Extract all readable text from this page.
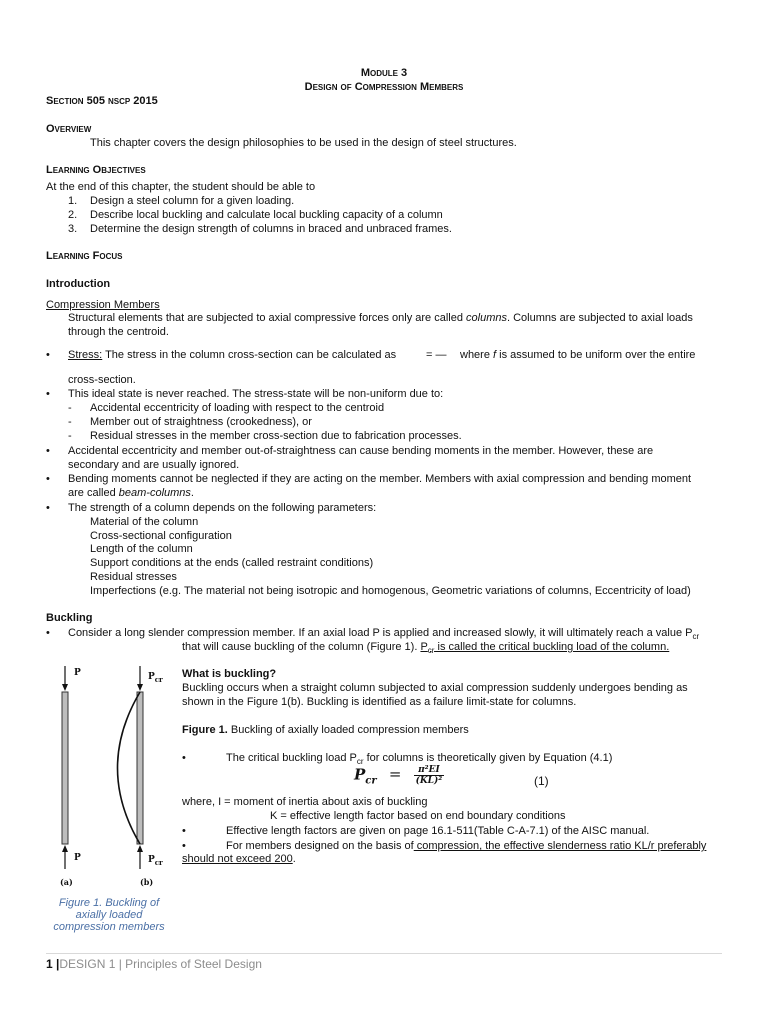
Module 3
Design of Compression Members
Section 505 nscp 2015
Overview
This chapter covers the design philosophies to be used in the design of steel structures.
Learning Objectives
At the end of this chapter, the student should be able to
1. Design a steel column for a given loading.
2. Describe local buckling and calculate local buckling capacity of a column
3. Determine the design strength of columns in braced and unbraced frames.
Learning Focus
Introduction
Compression Members
Structural elements that are subjected to axial compressive forces only are called columns. Columns are subjected to axial loads
through the centroid.
• Stress: The stress in the column cross-section can be calculated as	= — where f is assumed to be uniform over the entire
cross-section.
• This ideal state is never reached. The stress-state will be non-uniform due to:
- Accidental eccentricity of loading with respect to the centroid
- Member out of straightness (crookedness), or
- Residual stresses in the member cross-section due to fabrication processes.
• Accidental eccentricity and member out-of-straightness can cause bending moments in the member. However, these are
secondary and are usually ignored.
• Bending moments cannot be neglected if they are acting on the member. Members with axial compression and bending moment
are called beam-columns.
• The strength of a column depends on the following parameters:
Material of the column
Cross-sectional configuration
Length of the column
Support conditions at the ends (called restraint conditions)
Residual stresses
Imperfections (e.g. The material not being isotropic and homogenous, Geometric variations of columns, Eccentricity of load)
Buckling
• Consider a long slender compression member. If an axial load P is applied and increased slowly, it will ultimately reach a value $P_{cr}$
that will cause buckling of the column (Figure 1). $P_{cr}$ is called the critical buckling load of the column.
P	$P_{cr}$
P	$P_{cr}$
(a)	(b)
Figure 1. Buckling of
axially loaded
compression members
What is buckling?
Buckling occurs when a straight column subjected to axial compression suddenly undergoes bending as
shown in the Figure 1(b). Buckling is identified as a failure limit-state for columns.
Figure 1. Buckling of axially loaded compression members
•	The critical buckling load $P_{cr}$ for columns is theoretically given by Equation (4.1)
$P_{cr} = \frac{\text{π²EI}}{\text{(KL)²}}$	(1)
where, I = moment of inertia about axis of buckling
K = effective length factor based on end boundary conditions
•	Effective length factors are given on page 16.1-511(Table C-A-7.1) of the AISC manual.
•	For members designed on the basis of compression, the effective slenderness ratio KL/r preferably
should not exceed 200.
1 |DESIGN 1 | Principles of Steel Design
